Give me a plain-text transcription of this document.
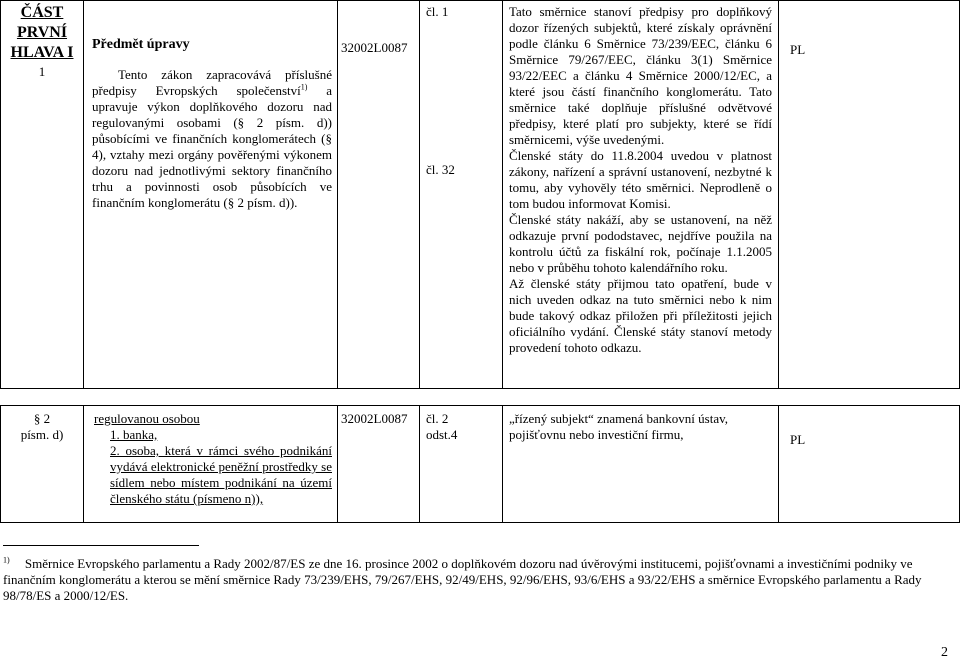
ČÁST
PRVNÍ
HLAVA I
1
Předmět úpravy
Tento zákon zapracovává příslušné předpisy Evropských společenství$^{1)}$ a upravuje výkon doplňkového dozoru nad regulovanými osobami (§ 2 písm. d)) působícími ve finančních konglomerátech (§ 4), vztahy mezi orgány pověřenými výkonem dozoru nad jednotlivými sektory finančního trhu a povinnosti osob působících ve finančním konglomerátu (§ 2 písm. d)).
32002L0087
čl. 1
čl. 32
Tato směrnice stanoví předpisy pro doplňkový dozor řízených subjektů, které získaly oprávnění podle článku 6 Směrnice 73/239/EEC, článku 6 Směrnice 79/267/EEC, článku 3(1) Směrnice 93/22/EEC a článku 4 Směrnice 2000/12/EC, a které jsou částí finančního konglomerátu. Tato směrnice také doplňuje příslušné odvětvové předpisy, které platí pro subjekty, které se řídí směrnicemi, výše uvedenými.
Členské státy do 11.8.2004 uvedou v platnost zákony, nařízení a správní ustanovení, nezbytné k tomu, aby vyhověly této směrnici. Neprodleně o tom budou informovat Komisi.
Členské státy nakáží, aby se ustanovení, na něž odkazuje první pododstavec, nejdříve použila na kontrolu účtů za fiskální rok, počínaje 1.1.2005 nebo v průběhu tohoto kalendářního roku.
Až členské státy přijmou tato opatření, bude v nich uveden odkaz na tuto směrnici nebo k nim bude takový odkaz přiložen při příležitosti jejich oficiálního vydání. Členské státy stanoví metody provedení tohoto odkazu.
PL
§ 2
písm. d)
regulovanou osobou
1. banka,
2. osoba, která v rámci svého podnikání vydává elektronické peněžní prostředky se sídlem nebo místem podnikání na území členského státu (písmeno n)),
32002L0087 čl. 2
odst.4
„řízený subjekt“ znamená bankovní ústav, pojišťovnu nebo investiční firmu,	PL
$^{1)}$ Směrnice Evropského parlamentu a Rady 2002/87/ES ze dne 16. prosince 2002 o doplňkovém dozoru nad úvěrovými institucemi, pojišťovnami a investičními podniky ve finančním konglomerátu a kterou se mění směrnice Rady 73/239/EHS, 79/267/EHS, 92/49/EHS, 92/96/EHS, 93/6/EHS a 93/22/EHS a směrnice Evropského parlamentu a Rady 98/78/ES a 2000/12/ES.
2
